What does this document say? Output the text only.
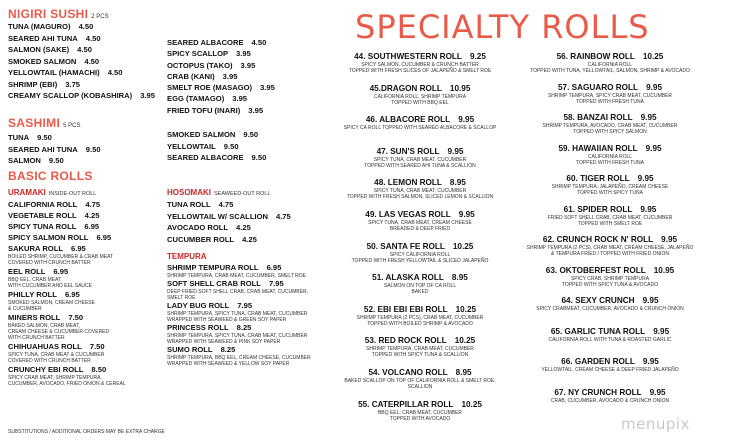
NIGIRI SUSHI 2 PCS
TUNA (MAGURO) 4.50
SEARED AHI TUNA 4.50
SALMON (SAKE) 4.50
SMOKED SALMON 4.50
YELLOWTAIL (HAMACHI) 4.50
SHRIMP (EBI) 3.75
CREAMY SCALLOP (KOBASHIRA) 3.95
SEARED ALBACORE 4.50
SPICY SCALLOP 3.95
OCTOPUS (TAKO) 3.95
CRAB (KANI) 3.95
SMELT ROE (MASAGO) 3.95
EGG (TAMAGO) 3.95
FRIED TOFU (INARI) 3.95
SASHIMI 5 PCS
TUNA 9.50
SEARED AHI TUNA 9.50
SALMON 9.50
SMOKED SALMON 9.50
YELLOWTAIL 9.50
SEARED ALBACORE 9.50
BASIC ROLLS
URAMAKI INSIDE-OUT ROLL
CALIFORNIA ROLL 4.75
VEGETABLE ROLL 4.25
SPICY TUNA ROLL 6.95
SPICY SALMON ROLL 6.95
SAKURA ROLL 6.95
BOILED SHRIMP, CUCUMBER & CRAB MEAT
COVERED WITH CRUNCH BATTER
EEL ROLL 6.95
BBQ EEL, CRAB MEAT
WITH CUCUMBER AND EEL SAUCE
PHILLY ROLL 6.95
SMOKED SALMON, CREAM CHEESE
& CUCUMBER
MINERS ROLL 7.50
BAKED SALMON, CRAB MEAT,
CREAM CHEESE & CUCUMBER COVERED
WITH CRUNCH BATTER
CHIHUAHUAS ROLL 7.50
SPICY TUNA, CRAB MEAT & CUCUMBER
COVERED WITH CRUNCH BATTER
CRUNCHY EBI ROLL 8.50
SPICY CRAB MEAT, SHRIMP TEMPURA,
CUCUMBER, AVOCADO, FRIED ONION & CEREAL
HOSOMAKI SEAWEED-OUT ROLL
TUNA ROLL 4.75
YELLOWTAIL W/ SCALLION 4.75
AVOCADO ROLL 4.25
CUCUMBER ROLL 4.25
TEMPURA
SHRIMP TEMPURA ROLL 6.95
SHRIMP TEMPURA, CRAB MEAT, CUCUMBER, SMELT ROE
SOFT SHELL CRAB ROLL 7.95
DEEP FRIED SOFT SHELL CRAB, CRAB MEAT, CUCUMBER,
SMELT ROE
LADY BUG ROLL 7.95
SHRIMP TEMPURA, SPICY TUNA, CRAB MEAT, CUCUMBER
WRAPPED WITH SEAWEED & GREEN SOY PAPER
PRINCESS ROLL 8.25
SHRIMP TEMPURA, SPICY TUNA, CRAB MEAT, CUCUMBER
WRAPPED WITH SEAWEED & PINK SOY PAPER
SUMO ROLL 8.25
SHRIMP TEMPURA, BBQ EEL, CREAM CHEESE, CUCUMBER
WRAPPED WITH SEAWEED & YELLOW SOY PAPER
SUBSTITUTIONS / ADDITIONAL ORDERS MAY BE EXTRA CHARGE
SPECIALTY ROLLS
44. SOUTHWESTERN ROLL 9.25
SPICY SALMON, CUCUMBER & CRUNCH BATTER
TOPPED WITH FRESH SLICES OF JALAPEÑO & SMELT ROE
45.DRAGON ROLL 10.95
CALIFORNIA ROLL, SHRIMP TEMPURA
TOPPED WITH BBQ EEL
46. ALBACORE ROLL 9.95
SPICY CA ROLL TOPPED WITH SEARED ALBACORE & SCALLOP
47. SUN'S ROLL 9.95
SPICY TUNA, CRAB MEAT, CUCUMBER
TOPPED WITH SEARED AHI TUNA & SCALLION
48. LEMON ROLL 8.95
SPICY TUNA, CRAB MEAT, CUCUMBER
TOPPED WITH FRESH SALMON, SLICED LEMON & SCALLION
49. LAS VEGAS ROLL 9.95
SPICY TUNA, CRAB MEAT, CREAM CHEESE
BREADED & DEEP FRIED
50. SANTA FE ROLL 10.25
SPICY CALIFORNIA ROLL
TOPPED WITH FRESH YELLOWTAIL & SLICED JALAPEÑO
51. ALASKA ROLL 8.95
SALMON ON TOP OF CA ROLL
BAKED
52. EBI EBI EBI ROLL 10.25
SHRIMP TEMPURA (2 PCS), CRAB MEAT, CUCUMBER
TOPPED WITH BOILED SHRIMP & AVOCADO
53. RED ROCK ROLL 10.25
SHRIMP TEMPURA, CRAB MEAT, CUCUMBER
TOPPED WITH SPICY TUNA & SCALLION
54. VOLCANO ROLL 8.95
BAKED SCALLOP ON TOP OF CALIFORNIA ROLL & SMELT ROE,
SCALLION
55. CATERPILLAR ROLL 10.25
BBQ EEL, CRAB MEAT, CUCUMBER
TOPPED WITH AVOCADO
56. RAINBOW ROLL 10.25
CALIFORNIA ROLL
TOPPED WITH TUNA, YELLOWTAIL, SALMON, SHRIMP & AVOCADO
57. SAGUARO ROLL 9.95
SHRIMP TEMPURA, SPICY CRAB MEAT, CUCUMBER
TOPPED WITH FRESH TUNA
58. BANZAI ROLL 9.95
SHRIMP TEMPURA, AVOCADO, CRAB MEAT, CUCUMBER
TOPPED WITH SPICY SALMON
59. HAWAIIAN ROLL 9.95
CALIFORNIA ROLL
TOPPED WITH FRESH TUNA
60. TIGER ROLL 9.95
SHRIMP TEMPURA, JALAPEÑO, CREAM CHEESE
TOPPED WITH SPICY TUNA
61. SPIDER ROLL 9.95
FRIED SOFT SHELL CRAB, CRAB MEAT, CUCUMBER
TOPPED WITH SMELT ROE
62. CRUNCH ROCK N' ROLL 9.95
SHRIMP TEMPURA (2 PCS), CRAB MEAT, CREAM CHEESE, JALAPEÑO
& TEMPURA FRIED / TOPPED WITH FRIED ONION
63. OKTOBERFEST ROLL 10.95
SPICY CRAB, SHRIMP TEMPURA
TOPPED WITH SPICY TUNA & AVOCADO
64. SEXY CRUNCH 9.95
SPICY CRABMEAT, CUCUMBER, AVOCADO & CRUNCH ONION
65. GARLIC TUNA ROLL 9.95
CALIFORNIA ROLL WITH TUNA & ROASTED GARLIC
66. GARDEN ROLL 9.95
YELLOWTAIL, CREAM CHEESE & DEEP FRIED JALAPEÑO
67. NY CRUNCH ROLL 9.95
CRAB, CUCUMBER, AVOCADO & CRUNCH ONION
menupix
